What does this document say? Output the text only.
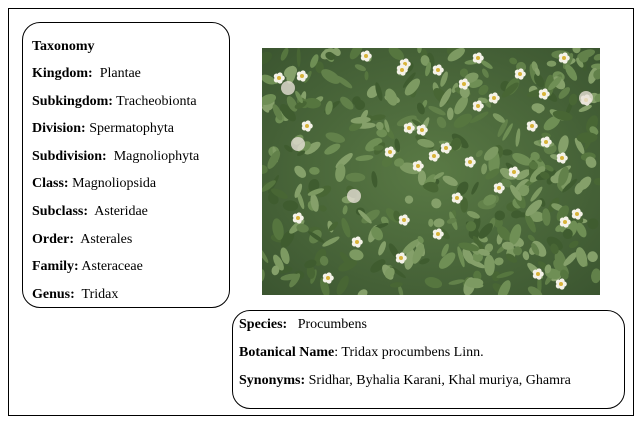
Taxonomy
Kingdom:  Plantae
Subkingdom: Tracheobionta
Division: Spermatophyta
Subdivision:  Magnoliophyta
Class: Magnoliopsida
Subclass:  Asteridae
Order:  Asterales
Family: Asteraceae
Genus:  Tridax
Species:   Procumbens
Botanical Name: Tridax procumbens Linn.
Synonyms: Sridhar, Byhalia Karani, Khal muriya, Ghamra
